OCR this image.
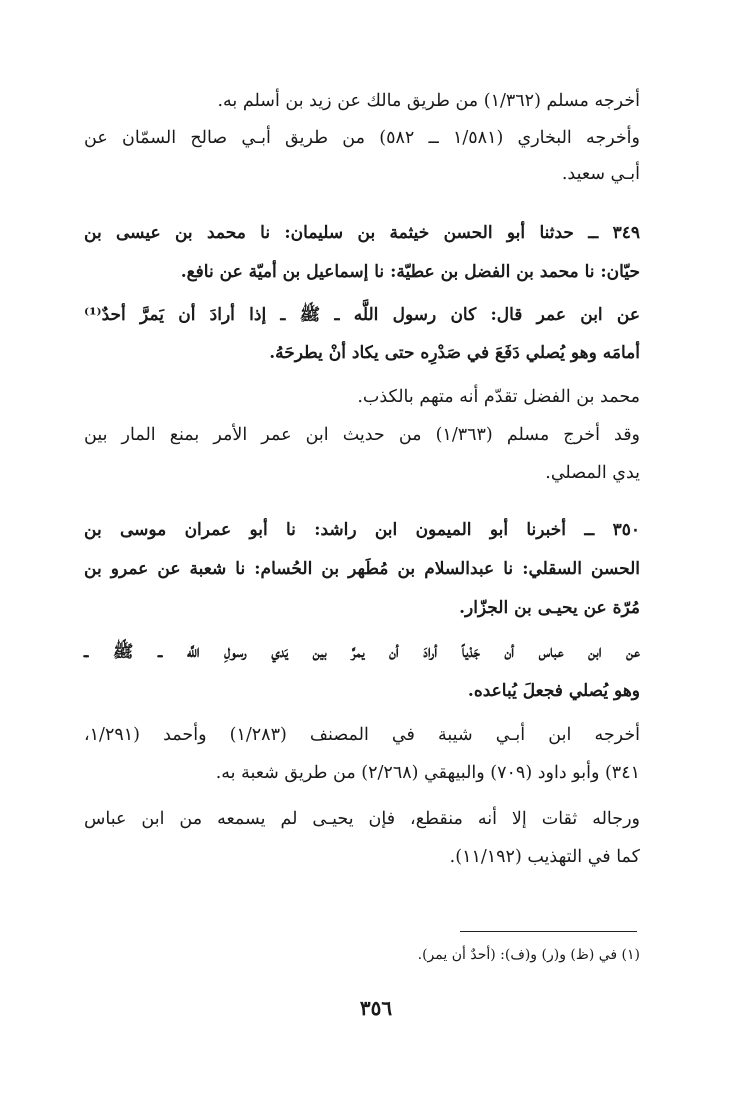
أخرجه مسلم (١/٣٦٢) من طريق مالك عن زيد بن أسلم به.
وأخرجه البخاري (١/٥٨١ ــ ٥٨٢) من طريق أبـي صالح السمّان عن
أبـي سعيد.
٣٤٩ ــ حدثنا أبو الحسن خيثمة بن سليمان: نا محمد بن عيسى بن
حيّان: نا محمد بن الفضل بن عطيّة: نا إسماعيل بن أميّة عن نافع.
عن ابن عمر قال: كان رسول اللَّه ـ ﷺ ـ إذا أرادَ أن يَمرَّ أحدٌ⁽¹⁾
أمامَه وهو يُصلي دَفَعَ في صَدْرِه حتى يكاد أنْ يطرحَهُ.
محمد بن الفضل تقدّم أنه متهم بالكذب.
وقد أخرج مسلم (١/٣٦٣) من حديث ابن عمر الأمر بمنع المار بين
يدي المصلي.
٣٥٠ ــ أخبرنا أبو الميمون ابن راشد: نا أبو عمران موسى بن
الحسن السقلي: نا عبدالسلام بن مُطَهر بن الحُسام: نا شعبة عن عمرو بن
مُرّة عن يحيـى بن الجزّار.
عن ابن عباس أن جَدْياً أرادَ أن يمرَّ بين يَدي رسولِ اللَّه ــ ﷺ ــ
وهو يُصلي فجعلَ يُباعده.
أخرجه ابن أبـي شيبة في المصنف (١/٢٨٣) وأحمد (١/٢٩١،
٣٤١) وأبو داود (٧٠٩) والبيهقي (٢/٢٦٨) من طريق شعبة به.
ورجاله ثقات إلا أنه منقطع، فإن يحيـى لم يسمعه من ابن عباس
كما في التهذيب (١١/١٩٢).
(١) في (ظ) و(ر) و(ف): (أحدٌ أن يمر).
٣٥٦
